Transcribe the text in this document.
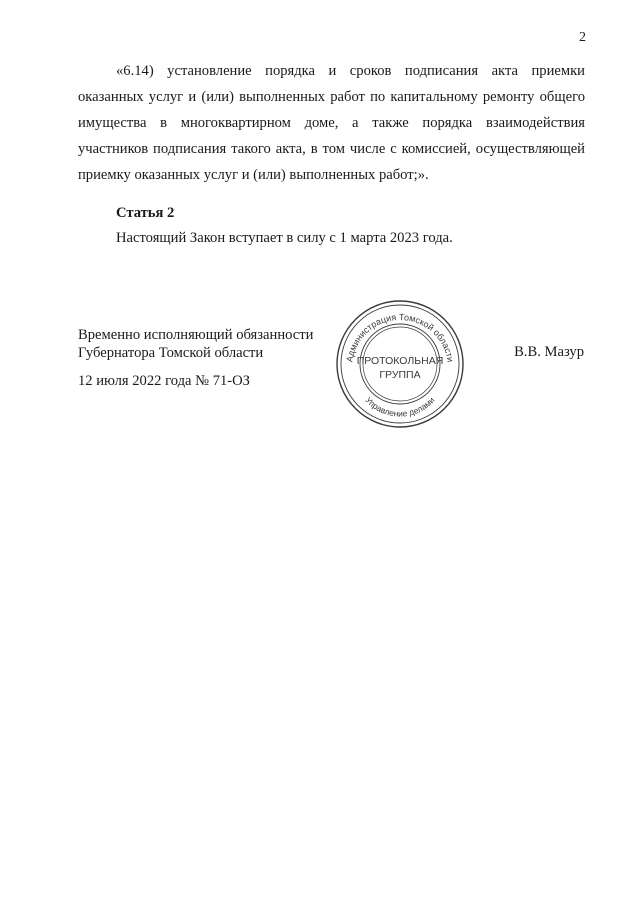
2

«6.14) установление порядка и сроков подписания акта приемки оказанных услуг и (или) выполненных работ по капитальному ремонту общего имущества в многоквартирном доме, а также порядка взаимодействия участников подписания такого акта, в том числе с комиссией, осуществляющей приемку оказанных услуг и (или) выполненных работ;».

Статья 2

Настоящий Закон вступает в силу с 1 марта 2023 года.

Временно исполняющий обязанности
Губернатора Томской области	В.В. Мазур
12 июля 2022 года № 71-ОЗ
Администрация Томской области
Управление делами
ПРОТОКОЛЬНАЯ
ГРУППА
